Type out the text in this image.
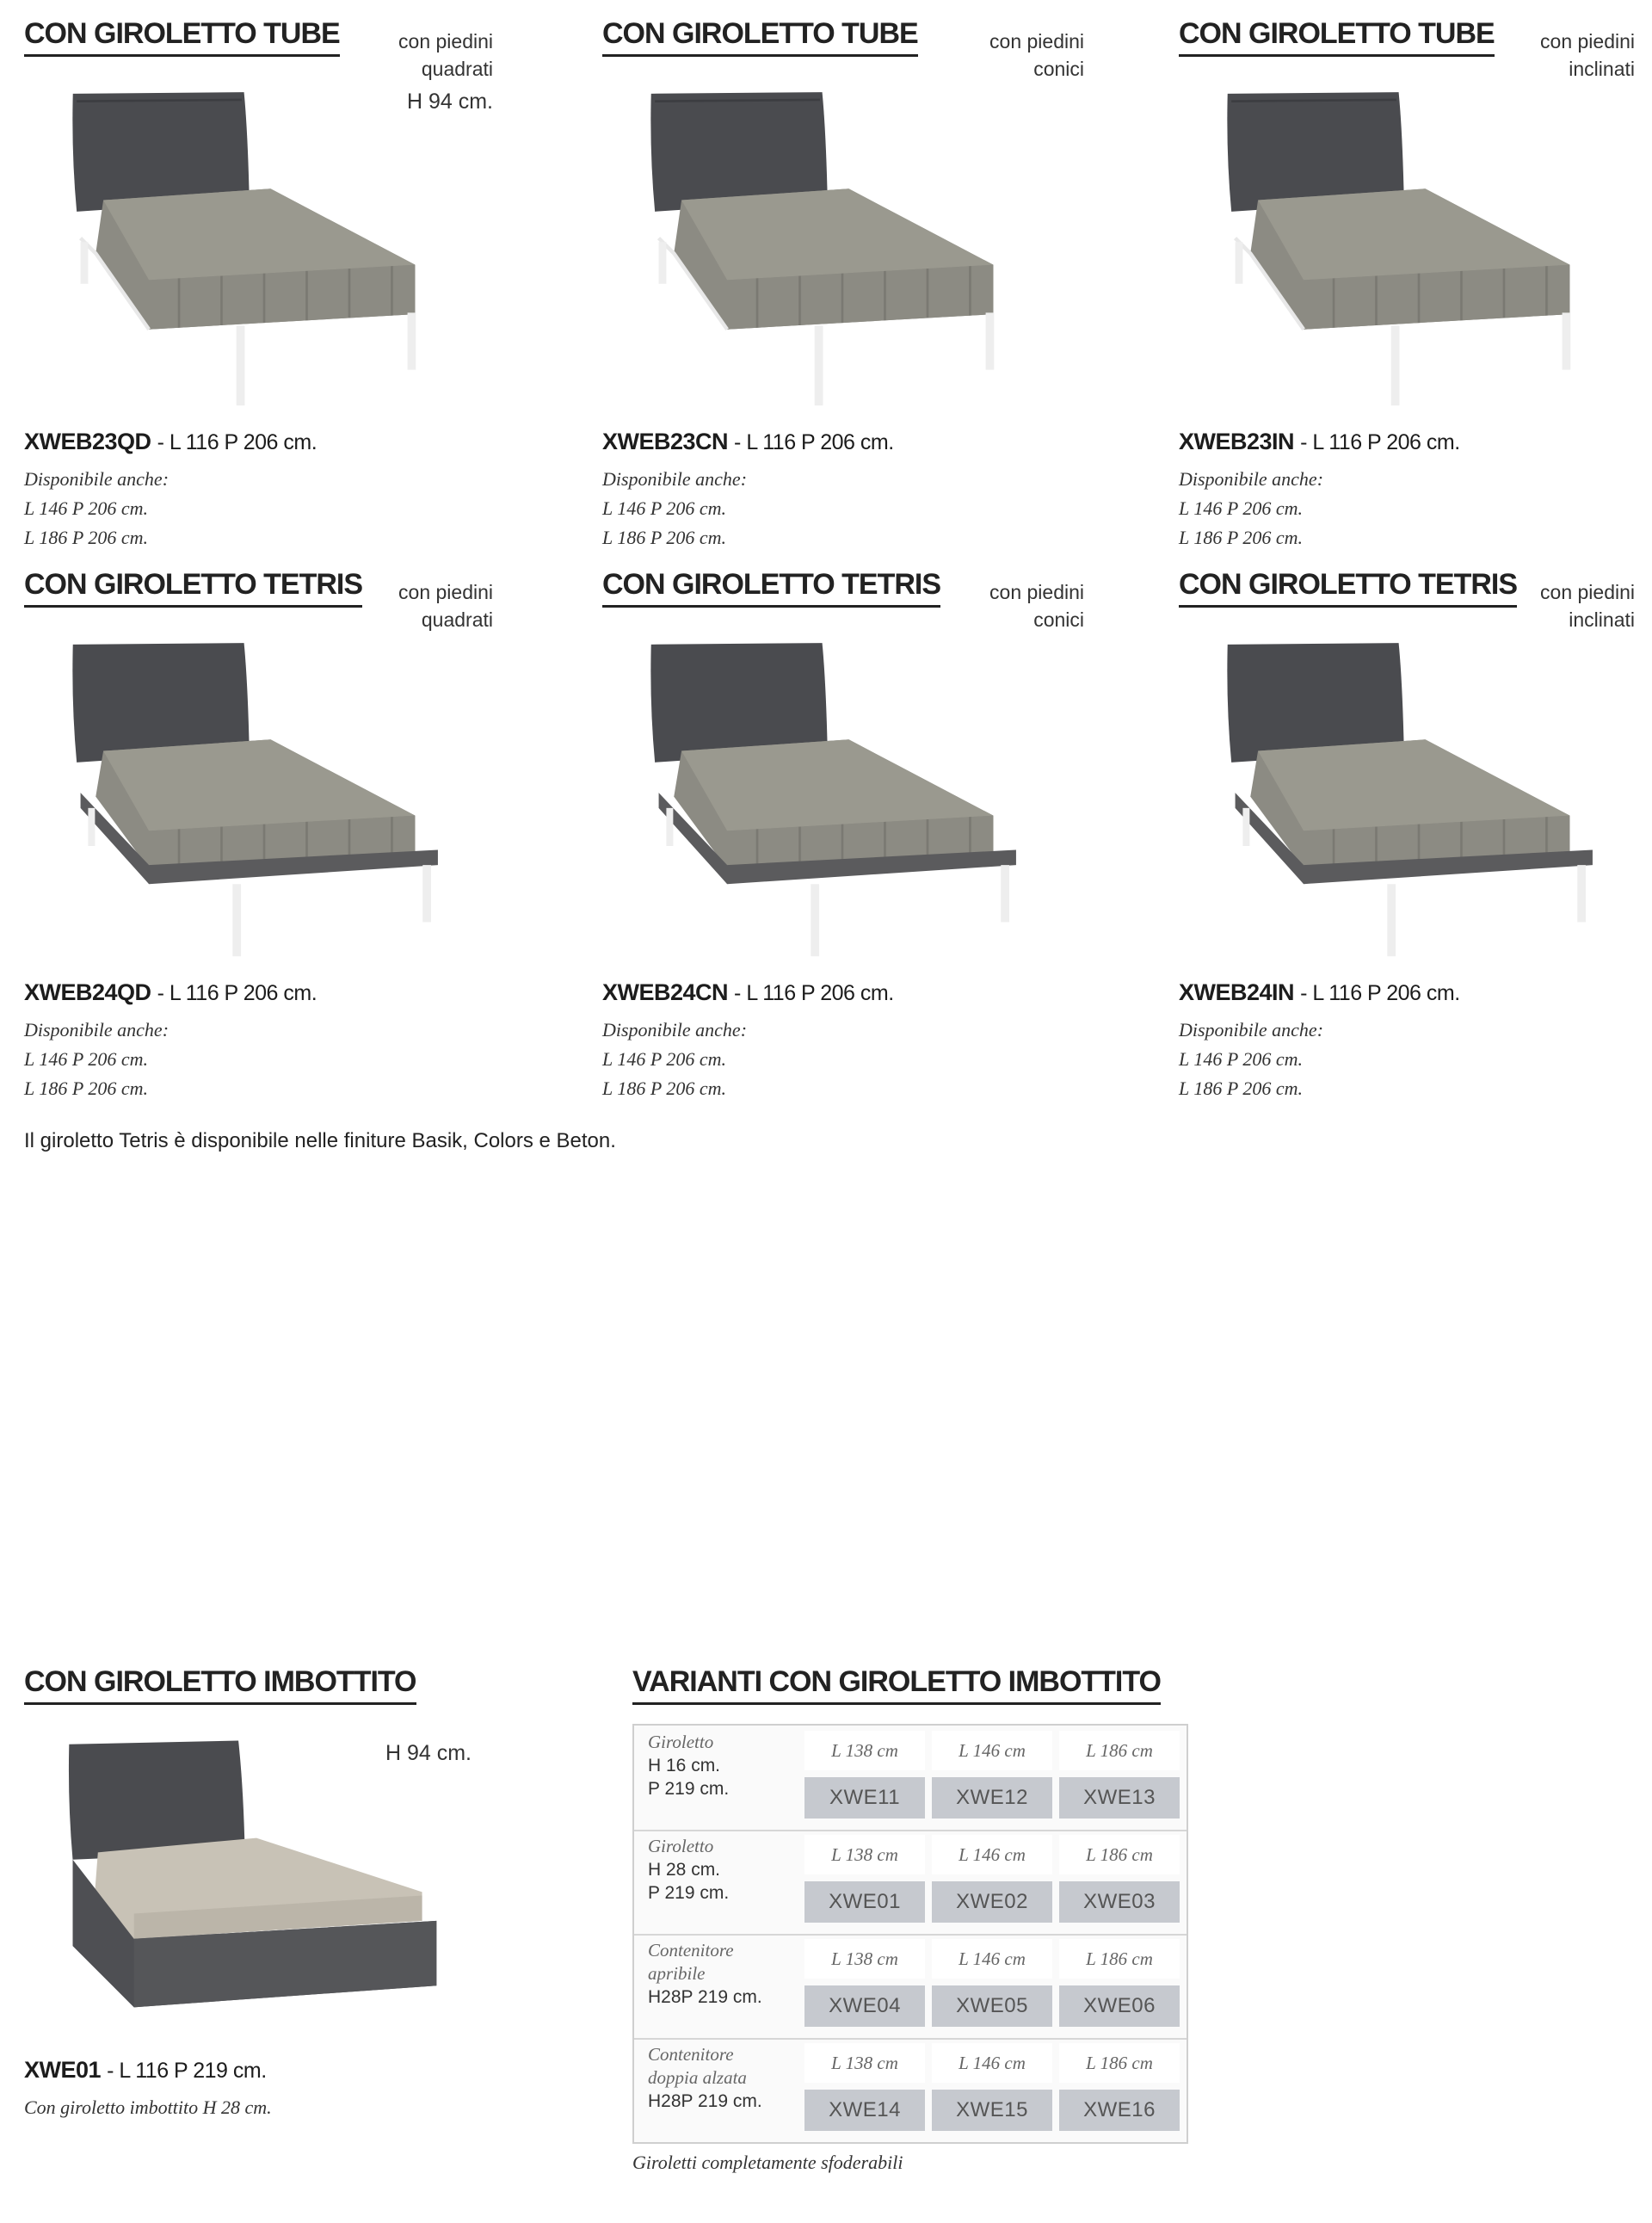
CON GIROLETTO TUBE	con piedini
quadrati
H 94 cm.
XWEB23QD - L 116 P 206 cm.
Disponibile anche:
L 146 P 206 cm.
L 186 P 206 cm.
CON GIROLETTO TUBE	con piedini
conici
XWEB23CN - L 116 P 206 cm.
Disponibile anche:
L 146 P 206 cm.
L 186 P 206 cm.
CON GIROLETTO TUBE	con piedini
inclinati
XWEB23IN - L 116 P 206 cm.
Disponibile anche:
L 146 P 206 cm.
L 186 P 206 cm.
CON GIROLETTO TETRIS	con piedini
quadrati
XWEB24QD - L 116 P 206 cm.
Disponibile anche:
L 146 P 206 cm.
L 186 P 206 cm.
CON GIROLETTO TETRIS	con piedini
conici
XWEB24CN - L 116 P 206 cm.
Disponibile anche:
L 146 P 206 cm.
L 186 P 206 cm.
CON GIROLETTO TETRIS	con piedini
inclinati
XWEB24IN - L 116 P 206 cm.
Disponibile anche:
L 146 P 206 cm.
L 186 P 206 cm.
Il giroletto Tetris è disponibile nelle finiture Basik, Colors e Beton.
CON GIROLETTO IMBOTTITO
H 94 cm.
XWE01 - L 116 P 219 cm.
Con giroletto imbottito H 28 cm.
VARIANTI CON GIROLETTO IMBOTTITO
Giroletto
H 16 cm.
P 219 cm.
L 138 cm	L 146 cm	L 186 cm
XWE11	XWE12	XWE13
Giroletto
H 28 cm.
P 219 cm.
L 138 cm	L 146 cm	L 186 cm
XWE01	XWE02	XWE03
Contenitore
apribile
H28P 219 cm.
L 138 cm	L 146 cm	L 186 cm
XWE04	XWE05	XWE06
Contenitore
doppia alzata
H28P 219 cm.
L 138 cm	L 146 cm	L 186 cm
XWE14	XWE15	XWE16
Giroletti completamente sfoderabili
